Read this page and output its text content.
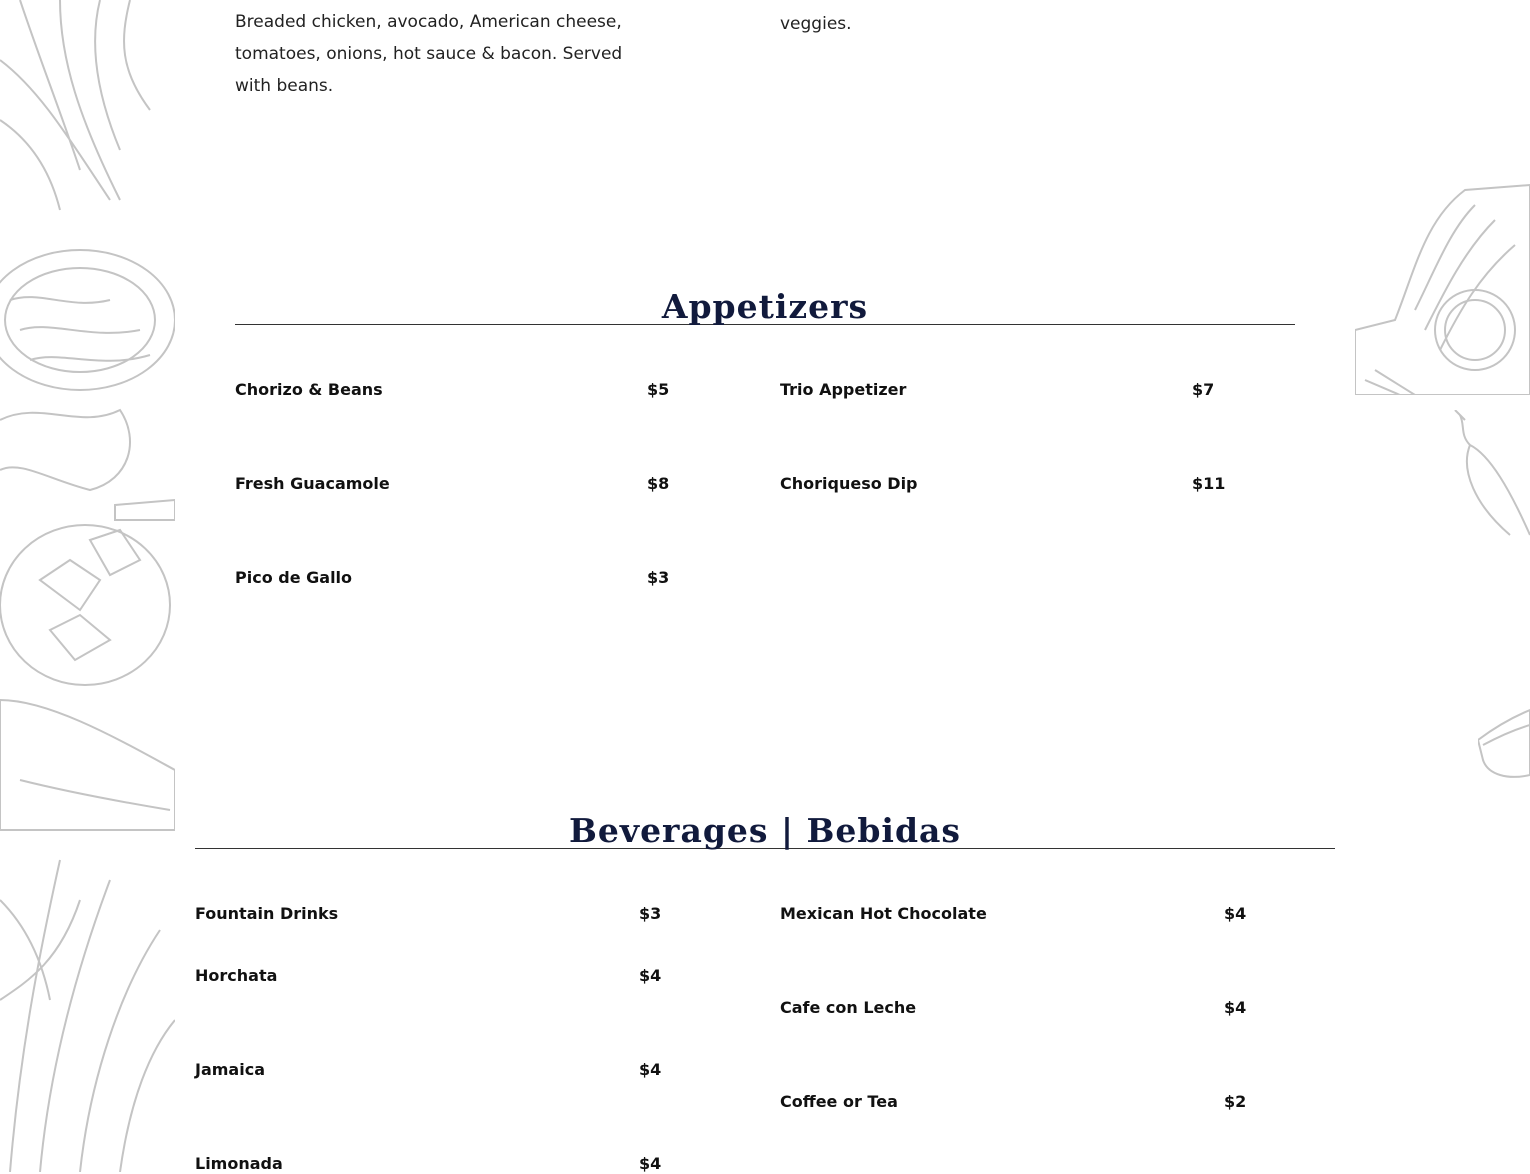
Breaded chicken, avocado, American cheese, tomatoes, onions, hot sauce & bacon. Served with beans.

veggies.

Appetizers
Chorizo & Beans	$5
Fresh Guacamole	$8
Pico de Gallo	$3
Trio Appetizer	$7
Choriqueso Dip	$11
Beverages | Bebidas
Fountain Drinks	$3
Horchata	$4
Jamaica	$4
Limonada	$4
Mexican Hot Chocolate	$4
Cafe con Leche	$4
Coffee or Tea	$2
